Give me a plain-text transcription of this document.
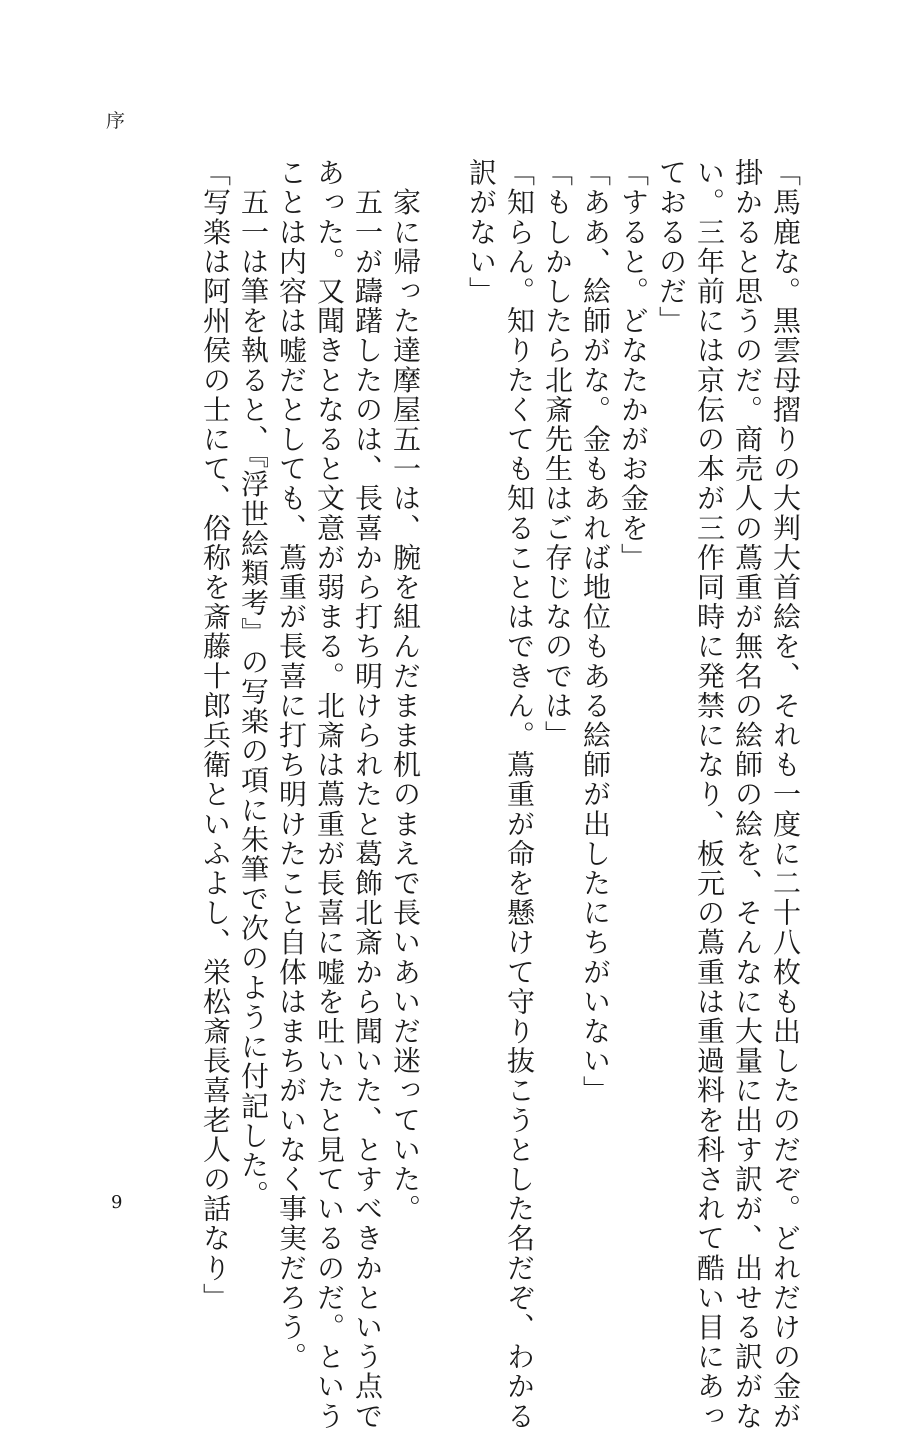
序
「馬鹿な。黒雲母摺りの大判大首絵を、それも一度に二十八枚も出したのだぞ。どれだけの金が
掛かると思うのだ。商売人の蔦重が無名の絵師の絵を、そんなに大量に出す訳が、出せる訳がな
い。三年前には京伝の本が三作同時に発禁になり、板元の蔦重は重過料を科されて酷い目にあっ
ておるのだ」
「すると。どなたかがお金を」
「ああ、絵師がな。金もあれば地位もある絵師が出したにちがいない」
「もしかしたら北斎先生はご存じなのでは」
「知らん。知りたくても知ることはできん。蔦重が命を懸けて守り抜こうとした名だぞ、わかる
訳がない」
　家に帰った達摩屋五一は、腕を組んだまま机のまえで長いあいだ迷っていた。
　五一が躊躇したのは、長喜から打ち明けられたと葛飾北斎から聞いた、とすべきかという点で
あった。又聞きとなると文意が弱まる。北斎は蔦重が長喜に嘘を吐いたと見ているのだ。という
ことは内容は嘘だとしても、蔦重が長喜に打ち明けたこと自体はまちがいなく事実だろう。
　五一は筆を執ると、『浮世絵類考』の写楽の項に朱筆で次のように付記した。
「写楽は阿州侯の士にて、俗称を斎藤十郎兵衛といふよし、栄松斎長喜老人の話なり」
9
